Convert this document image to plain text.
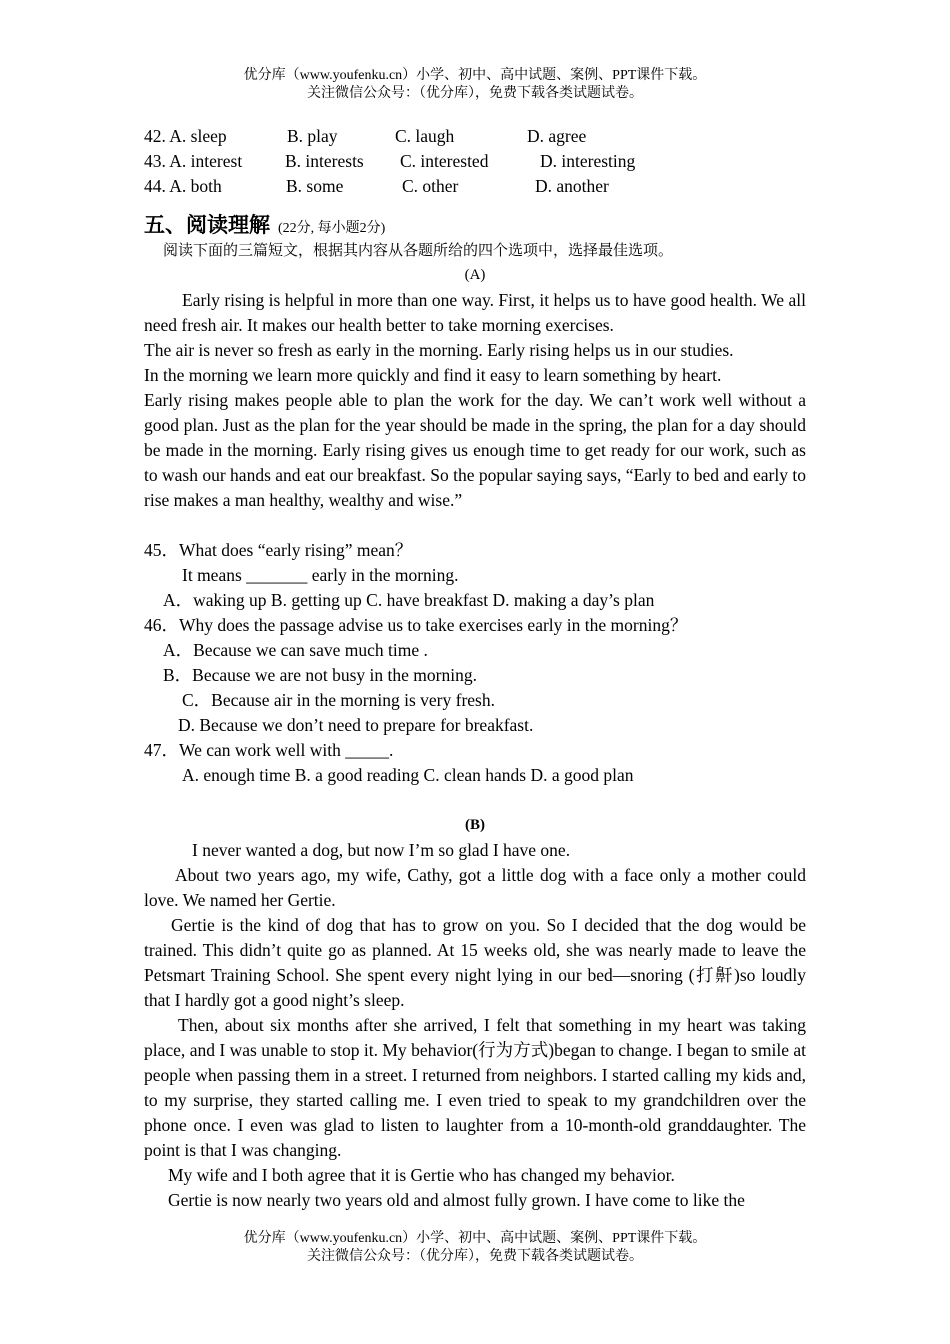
优分库（www.youfenku.cn）小学、初中、高中试题、案例、PPT课件下载。
关注微信公众号：（优分库），免费下载各类试题试卷。
42. A. sleep	B. play	C. laugh	D. agree
43. A. interest B. interests C. interested	D. interesting
44. A. both	B. some	C. other	D. another
五、阅读理解 (22分, 每小题2分)
阅读下面的三篇短文，根据其内容从各题所给的四个选项中，选择最佳选项。
(A)
Early rising is helpful in more than one way. First, it helps us to have good health. We all need fresh air. It makes our health better to take morning exercises.
The air is never so fresh as early in the morning. Early rising helps us in our studies.
In the morning we learn more quickly and find it easy to learn something by heart.
Early rising makes people able to plan the work for the day. We can’t work well without a good plan. Just as the plan for the year should be made in the spring, the plan for a day should be made in the morning. Early rising gives us enough time to get ready for our work, such as to wash our hands and eat our breakfast. So the popular saying says, “Early to bed and early to rise makes a man healthy, wealthy and wise.”
45．What does “early rising” mean？
It means _______ early in the morning.
A．waking up B. getting up C. have breakfast D. making a day’s plan
46．Why does the passage advise us to take exercises early in the morning？
A．Because we can save much time .
B．Because we are not busy in the morning.
C．Because air in the morning is very fresh.
D. Because we don’t need to prepare for breakfast.
47．We can work well with _____.
A. enough time B. a good reading C. clean hands D. a good plan
(B)
I never wanted a dog, but now I’m so glad I have one.
About two years ago, my wife, Cathy, got a little dog with a face only a mother could love. We named her Gertie.
Gertie is the kind of dog that has to grow on you. So I decided that the dog would be trained. This didn’t quite go as planned. At 15 weeks old, she was nearly made to leave the Petsmart Training School. She spent every night lying in our bed—snoring (打鼾)so loudly that I hardly got a good night’s sleep.
Then, about six months after she arrived, I felt that something in my heart was taking place, and I was unable to stop it. My behavior(行为方式)began to change. I began to smile at people when passing them in a street. I returned from neighbors. I started calling my kids and, to my surprise, they started calling me. I even tried to speak to my grandchildren over the phone once. I even was glad to listen to laughter from a 10-month-old granddaughter. The point is that I was changing.
My wife and I both agree that it is Gertie who has changed my behavior.
Gertie is now nearly two years old and almost fully grown. I have come to like the
优分库（www.youfenku.cn）小学、初中、高中试题、案例、PPT课件下载。
关注微信公众号：（优分库），免费下载各类试题试卷。
